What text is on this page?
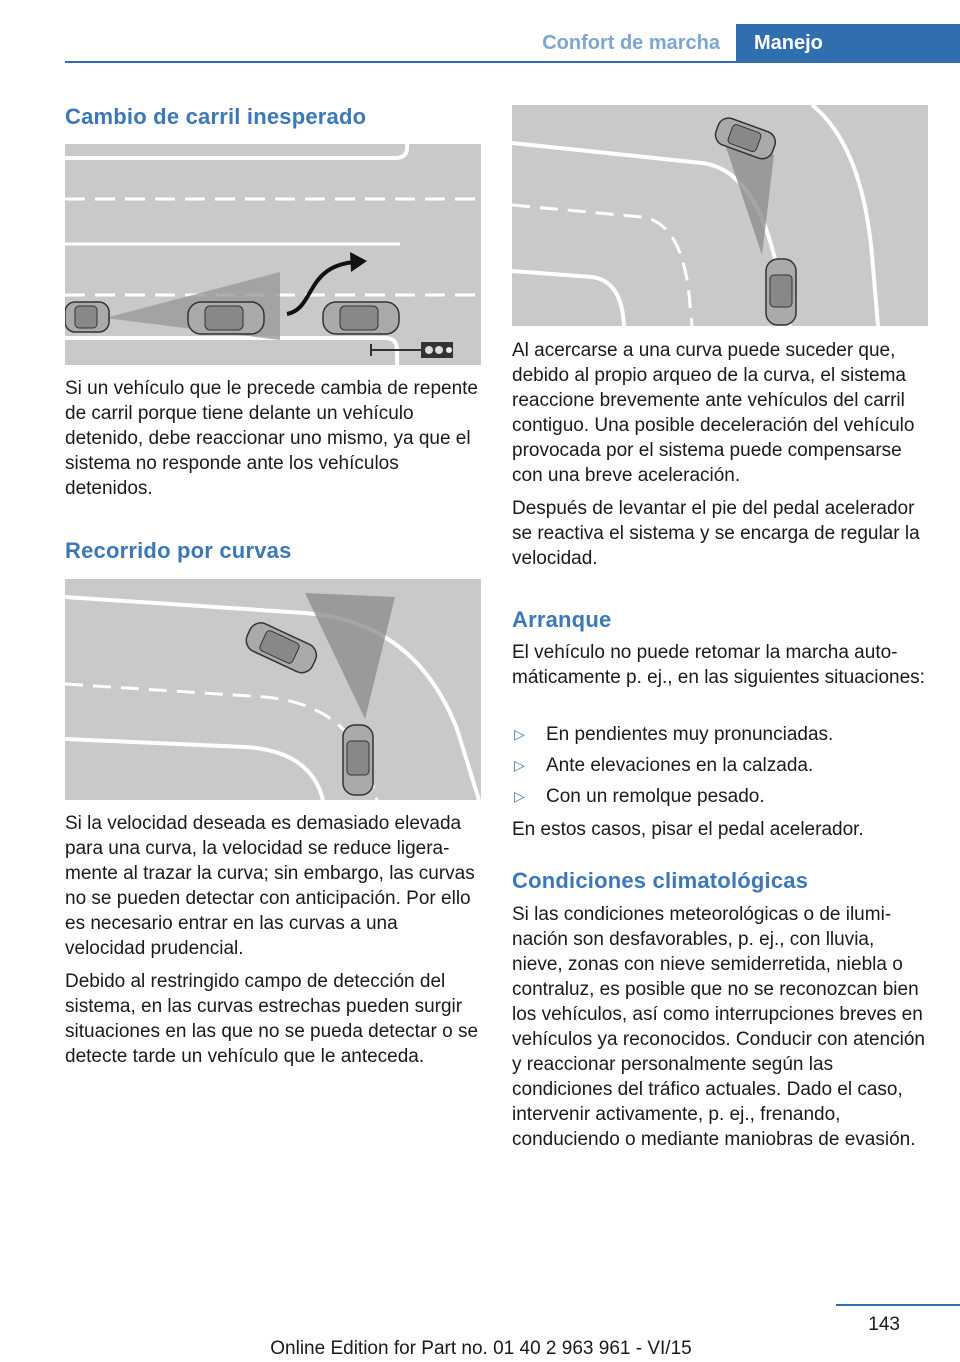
Confort de marcha	Manejo
Cambio de carril inesperado

Si un vehículo que le precede cambia de repente de carril porque tiene delante un vehículo detenido, debe reaccionar uno mismo, ya que el sistema no responde ante los vehículos detenidos.

Recorrido por curvas

Si la velocidad deseada es demasiado elevada para una curva, la velocidad se reduce ligeramente al trazar la curva; sin embargo, las curvas no se pueden detectar con anticipación. Por ello es necesario entrar en las curvas a una velocidad prudencial.

Debido al restringido campo de detección del sistema, en las curvas estrechas pueden surgir situaciones en las que no se pueda detectar o se detecte tarde un vehículo que le anteceda.

Al acercarse a una curva puede suceder que, debido al propio arqueo de la curva, el sistema reaccione brevemente ante vehículos del carril contiguo. Una posible deceleración del vehículo provocada por el sistema puede compensarse con una breve aceleración.

Después de levantar el pie del pedal acelerador se reactiva el sistema y se encarga de regular la velocidad.

Arranque

El vehículo no puede retomar la marcha automáticamente p. ej., en las siguientes situaciones:

▷	En pendientes muy pronunciadas.
▷	Ante elevaciones en la calzada.
▷	Con un remolque pesado.

En estos casos, pisar el pedal acelerador.

Condiciones climatológicas

Si las condiciones meteorológicas o de iluminación son desfavorables, p. ej., con lluvia, nieve, zonas con nieve semiderretida, niebla o contraluz, es posible que no se reconozcan bien los vehículos, así como interrupciones breves en vehículos ya reconocidos. Conducir con atención y reaccionar personalmente según las condiciones del tráfico actuales. Dado el caso, intervenir activamente, p. ej., frenando, conduciendo o mediante maniobras de evasión.

143
Online Edition for Part no. 01 40 2 963 961 - VI/15
